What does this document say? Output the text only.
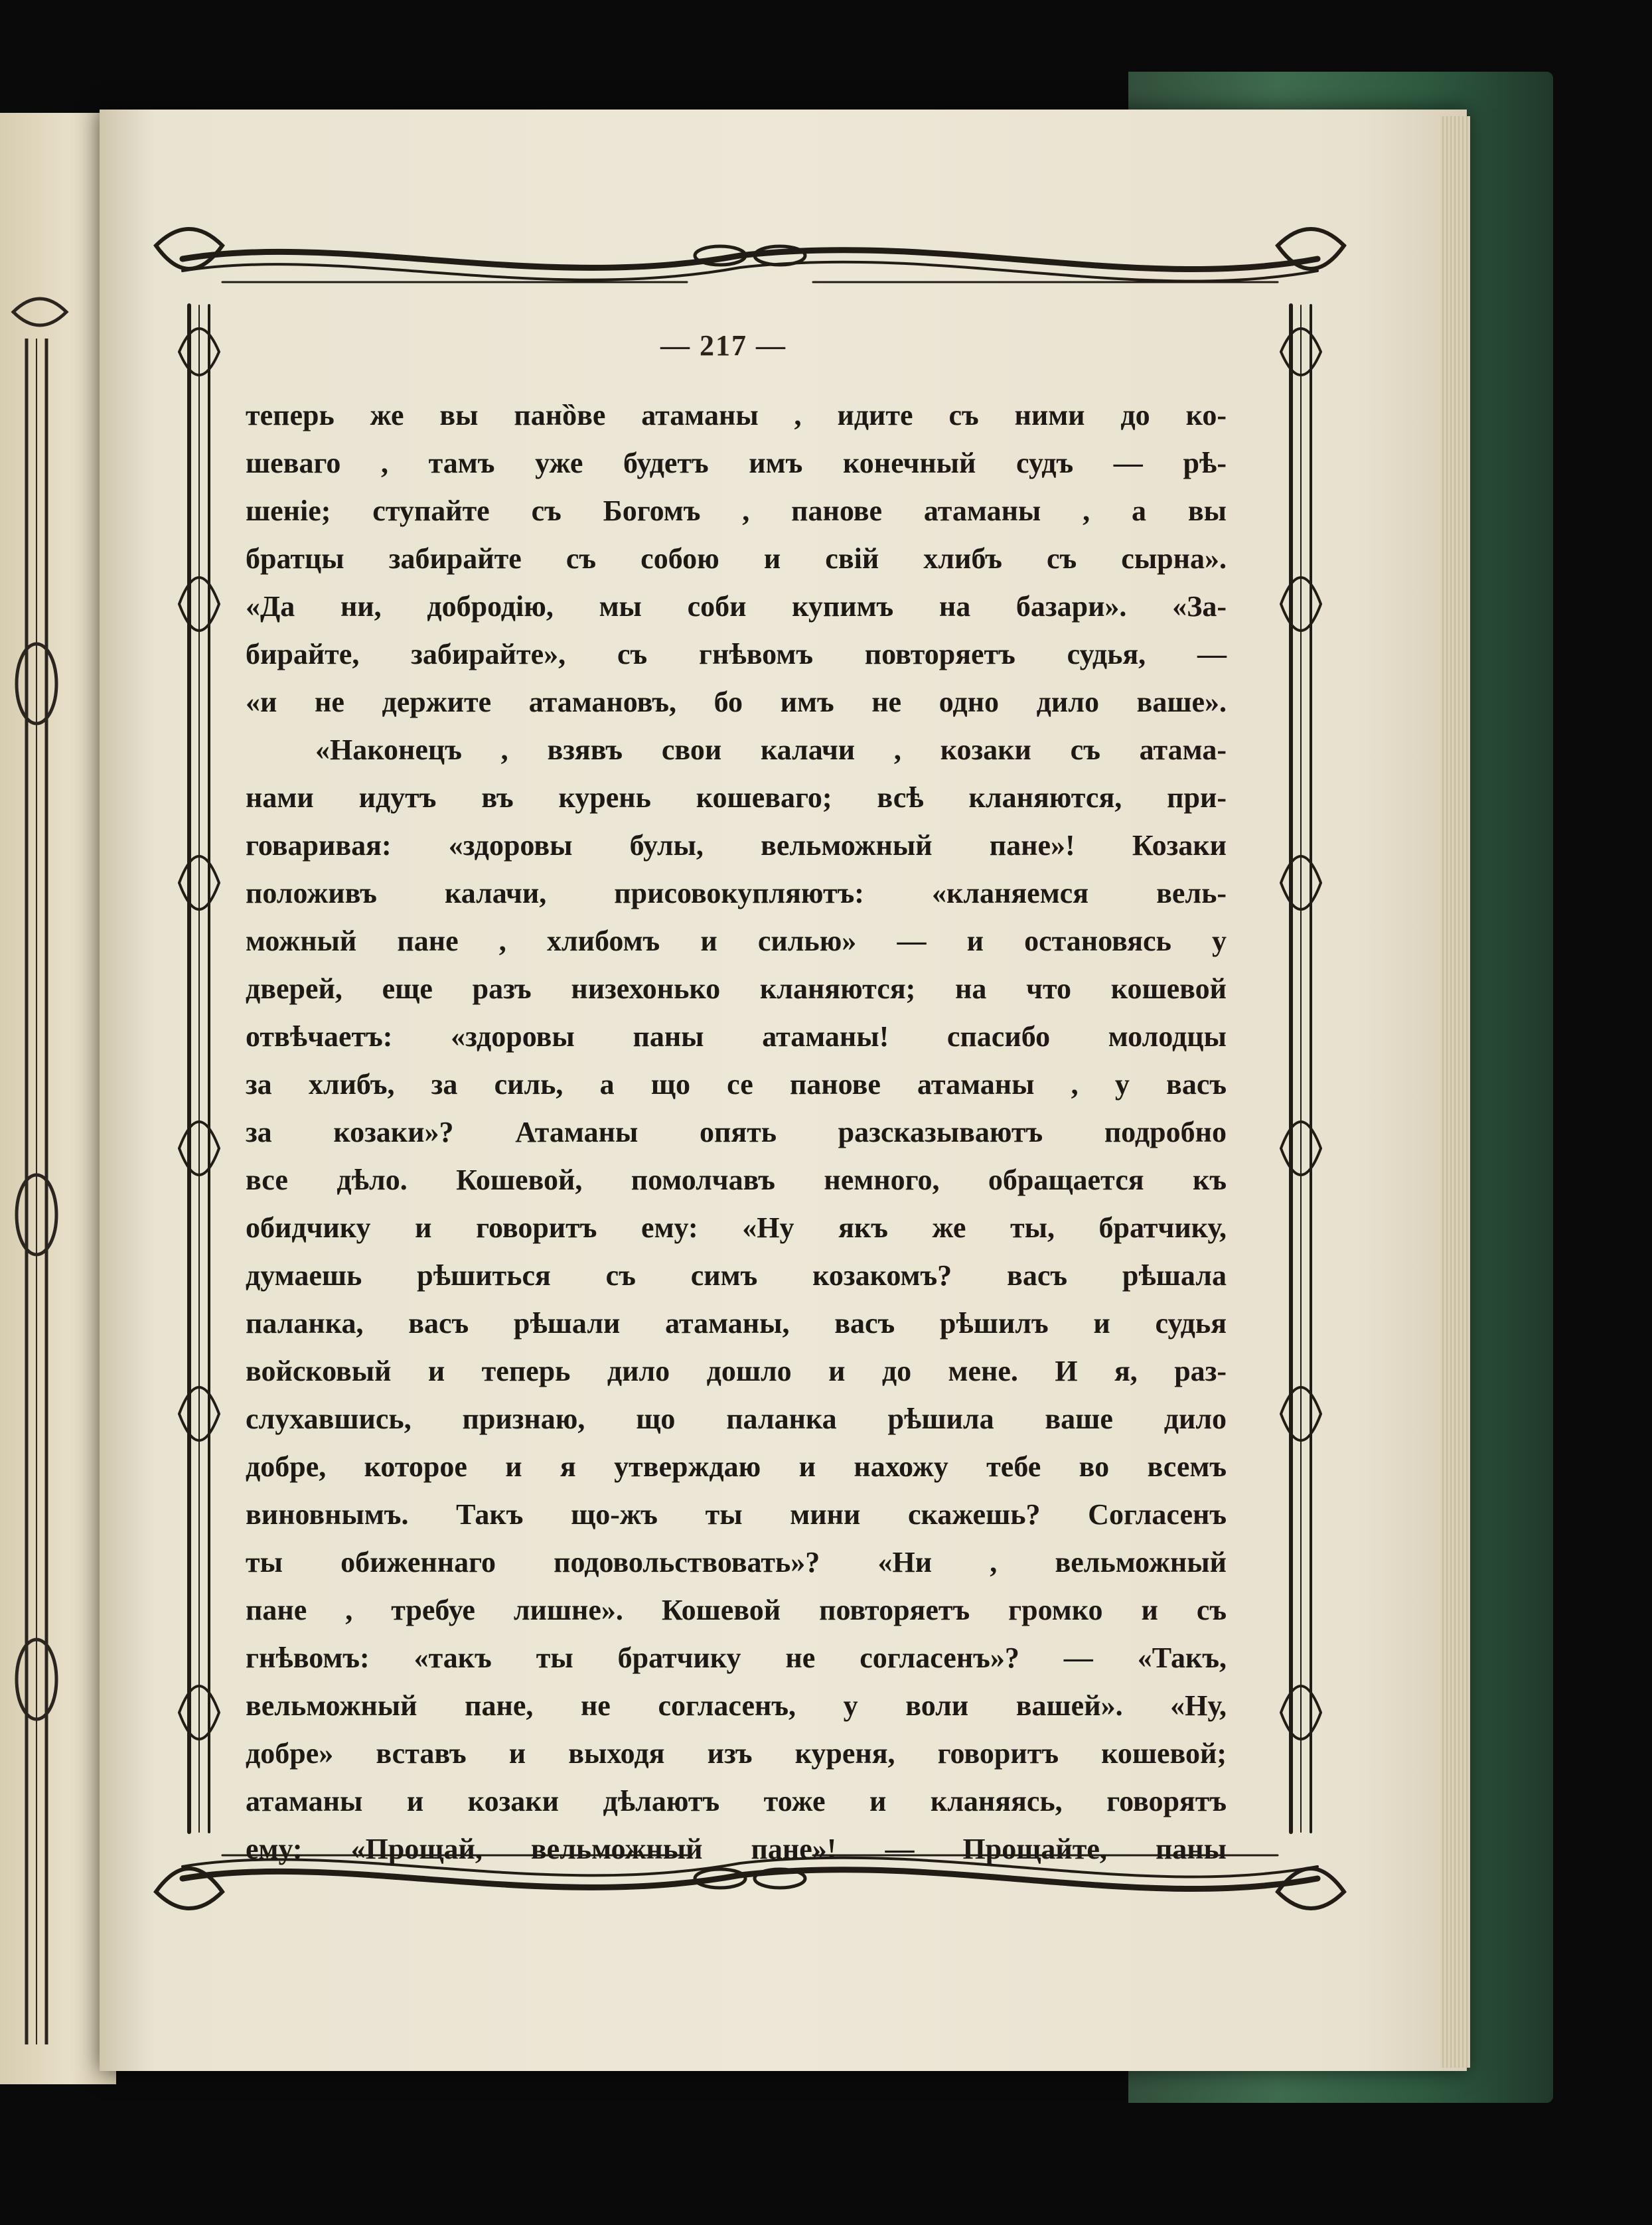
— 217 —
теперь же вы панȍве атаманы , идите съ ними до ко-
шеваго , тамъ уже будетъ имъ конечный судъ — рѣ-
шеніе; ступайте съ Богомъ , панове атаманы , а вы
братцы забирайте съ собою и свій хлибъ съ сырна».
«Да ни, добродію, мы соби купимъ на базари». «За-
бирайте, забирайте», съ гнѣвомъ повторяетъ судья, —
«и не держите атамановъ, бо имъ не одно дило ваше».
«Наконецъ , взявъ свои калачи , козаки съ атама-
нами идутъ въ курень кошеваго; всѣ кланяются, при-
говаривая: «здоровы булы, вельможный пане»! Козаки
положивъ калачи, присовокупляютъ: «кланяемся вель-
можный пане , хлибомъ и силью» — и остановясь у
дверей, еще разъ низехонько кланяются; на что кошевой
отвѣчаетъ: «здоровы паны атаманы! спасибо молодцы
за хлибъ, за силь, а що се панове атаманы , у васъ
за козаки»? Атаманы опять разсказываютъ подробно
все дѣло. Кошевой, помолчавъ немного, обращается къ
обидчику и говоритъ ему: «Ну якъ же ты, братчику,
думаешь рѣшиться съ симъ козакомъ? васъ рѣшала
паланка, васъ рѣшали атаманы, васъ рѣшилъ и судья
войсковый и теперь дило дошло и до мене. И я, раз-
слухавшись, признаю, що паланка рѣшила ваше дило
добре, которое и я утверждаю и нахожу тебе во всемъ
виновнымъ. Такъ що-жъ ты мини скажешь? Согласенъ
ты обиженнаго подовольствовать»? «Ни , вельможный
пане , требуе лишне». Кошевой повторяетъ громко и съ
гнѣвомъ: «такъ ты братчику не согласенъ»? — «Такъ,
вельможный пане, не согласенъ, у воли вашей». «Ну,
добре» вставъ и выходя изъ куреня, говоритъ кошевой;
атаманы и козаки дѣлаютъ тоже и кланяясь, говорятъ
ему: «Прощай, вельможный пане»! — Прощайте, паны
